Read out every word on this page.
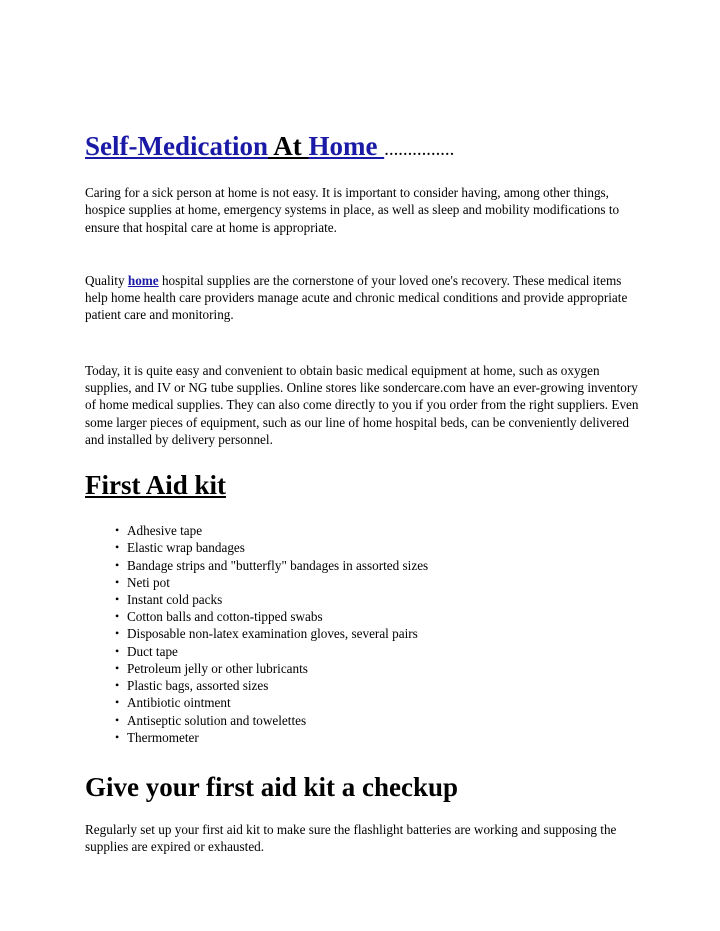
Self-Medication At Home ……………

Caring for a sick person at home is not easy. It is important to consider having, among other things, hospice supplies at home, emergency systems in place, as well as sleep and mobility modifications to ensure that hospital care at home is appropriate.

Quality home hospital supplies are the cornerstone of your loved one's recovery. These medical items help home health care providers manage acute and chronic medical conditions and provide appropriate patient care and monitoring.

Today, it is quite easy and convenient to obtain basic medical equipment at home, such as oxygen supplies, and IV or NG tube supplies. Online stores like sondercare.com have an ever-growing inventory of home medical supplies. They can also come directly to you if you order from the right suppliers. Even some larger pieces of equipment, such as our line of home hospital beds, can be conveniently delivered and installed by delivery personnel.

First Aid kit
• Adhesive tape
• Elastic wrap bandages
• Bandage strips and "butterfly" bandages in assorted sizes
• Neti pot
• Instant cold packs
• Cotton balls and cotton-tipped swabs
• Disposable non-latex examination gloves, several pairs
• Duct tape
• Petroleum jelly or other lubricants
• Plastic bags, assorted sizes
• Antibiotic ointment
• Antiseptic solution and towelettes
• Thermometer
Give your first aid kit a checkup

Regularly set up your first aid kit to make sure the flashlight batteries are working and supposing the supplies are expired or exhausted.
